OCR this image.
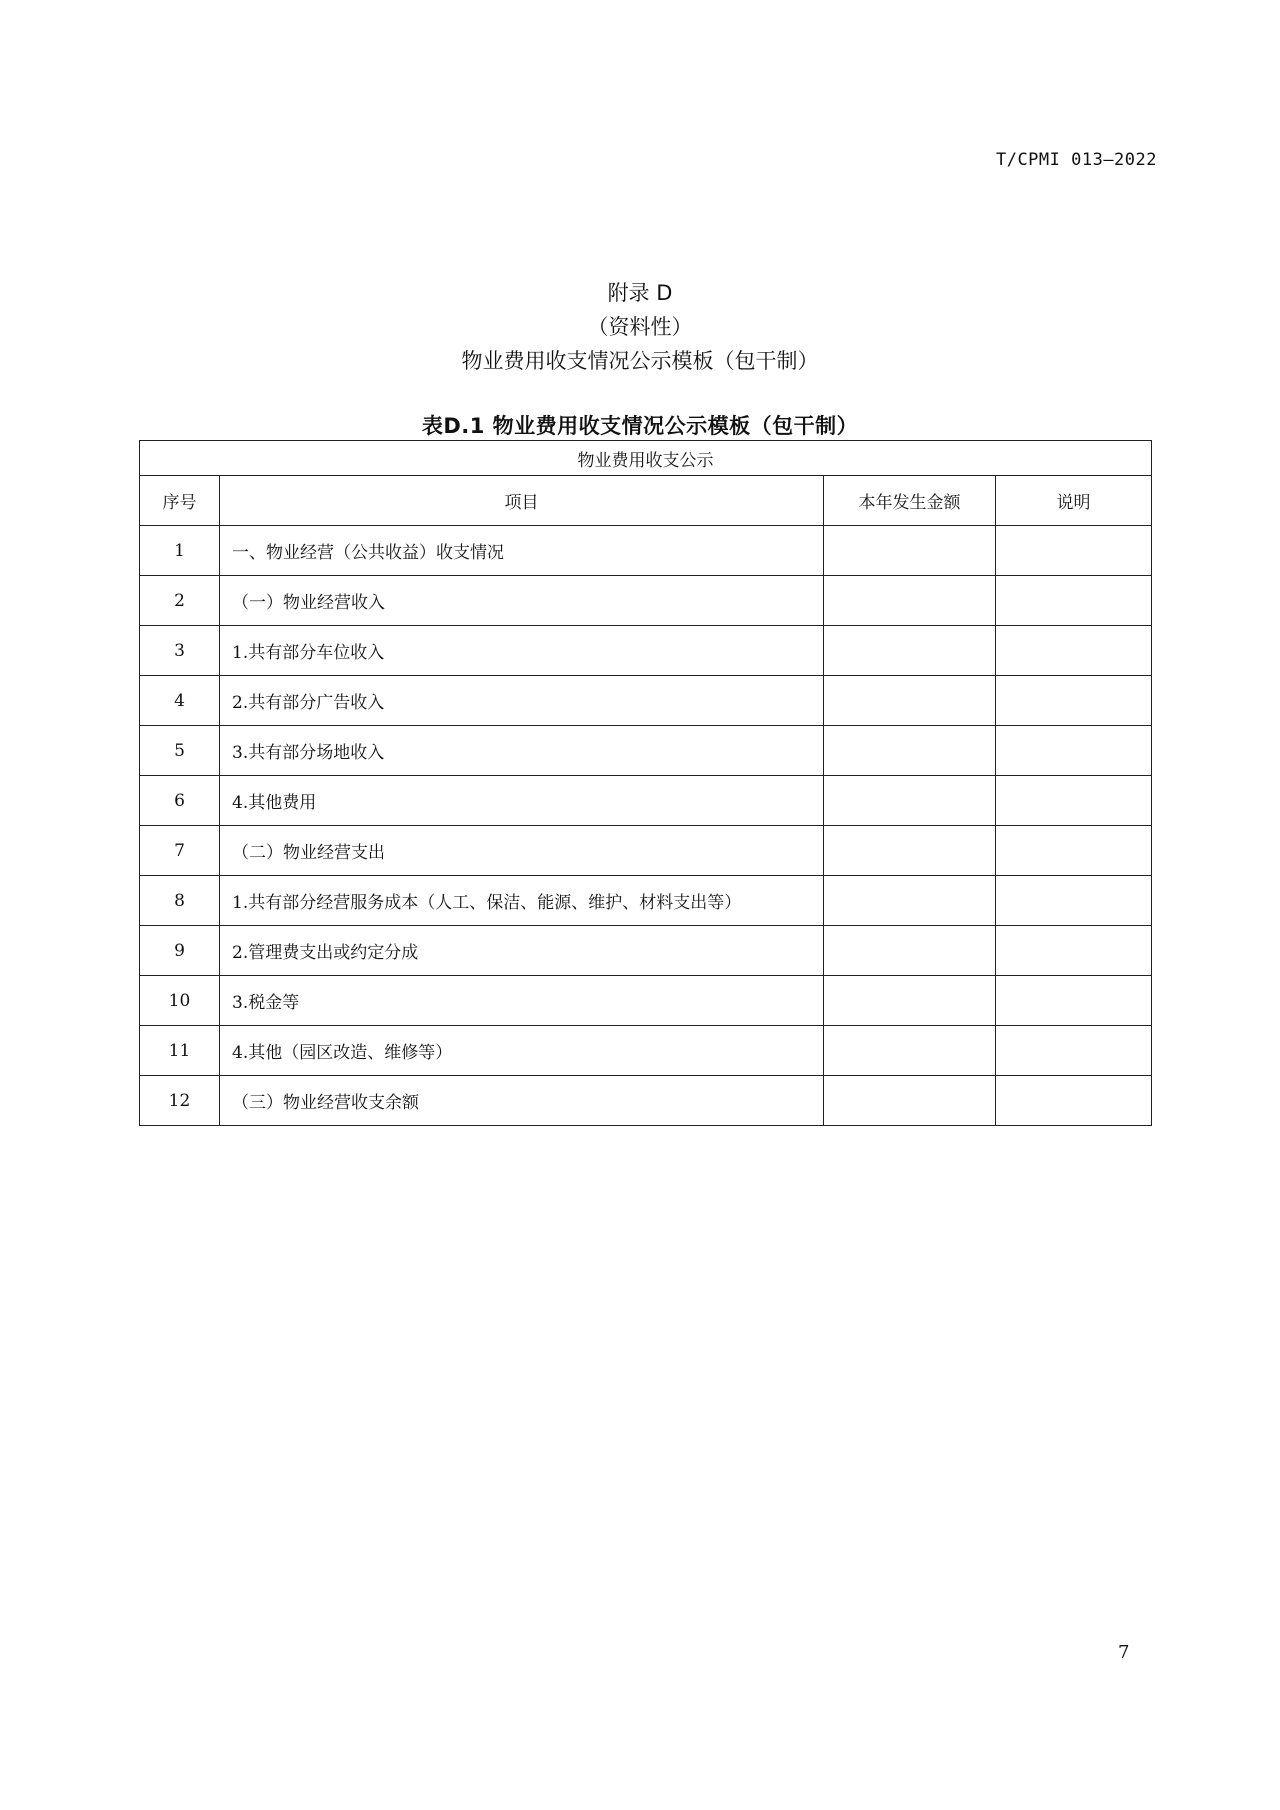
T/CPMI 013—2022
附录 D
（资料性）
物业费用收支情况公示模板（包干制）
表D.1 物业费用收支情况公示模板（包干制）
物业费用收支公示			
序号	项目	本年发生金额	说明
1	一、物业经营（公共收益）收支情况		
2	（一）物业经营收入		
3	1.共有部分车位收入		
4	2.共有部分广告收入		
5	3.共有部分场地收入		
6	4.其他费用		
7	（二）物业经营支出		
8	1.共有部分经营服务成本（人工、保洁、能源、维护、材料支出等）		
9	2.管理费支出或约定分成		
10	3.税金等		
11	4.其他（园区改造、维修等）		
12	（三）物业经营收支余额		
7
